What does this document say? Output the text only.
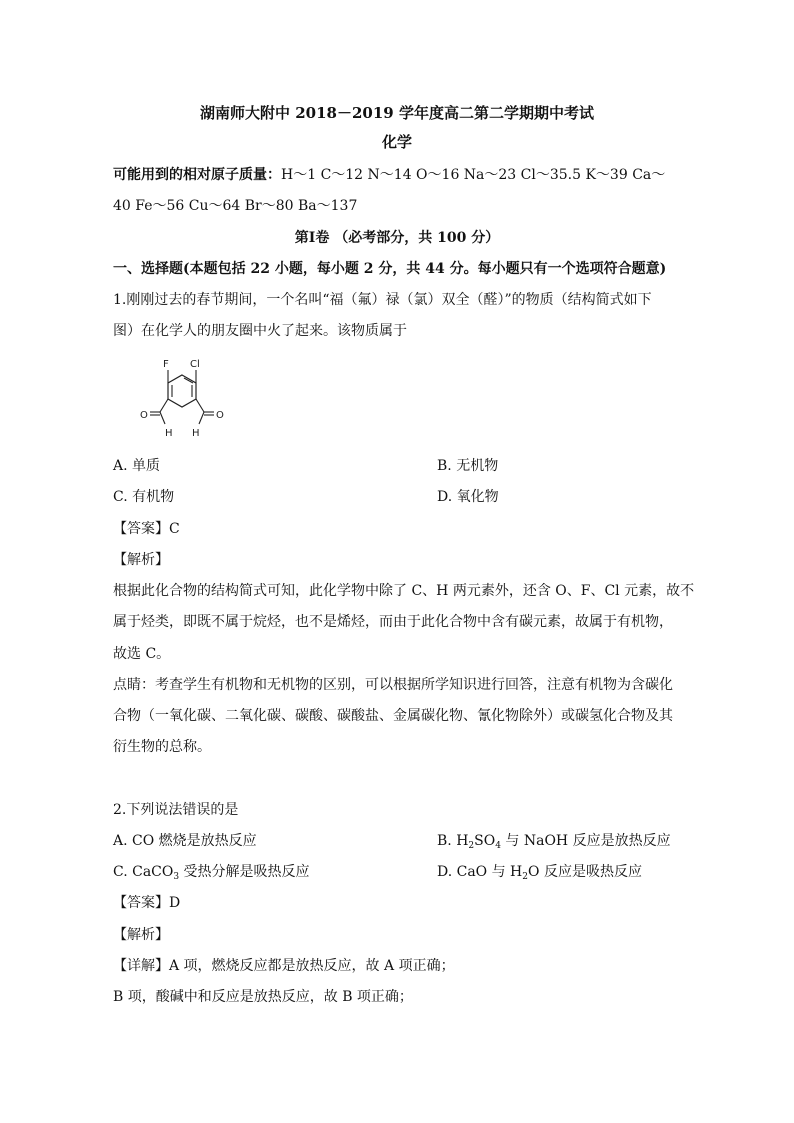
湖南师大附中 2018－2019 学年度高二第二学期期中考试
化学
可能用到的相对原子质量：H～1 C～12 N～14 O～16 Na～23 Cl～35.5 K～39 Ca～
40 Fe～56 Cu～64 Br～80 Ba～137
第Ⅰ卷 （必考部分，共 100 分）
一、选择题(本题包括 22 小题，每小题 2 分，共 44 分。每小题只有一个选项符合题意)
1.刚刚过去的春节期间，一个名叫“福（氟）禄（氯）双全（醛）”的物质（结构简式如下
图）在化学人的朋友圈中火了起来。该物质属于
F Cl
O
H H
O
A. 单质	B. 无机物
C. 有机物	D. 氧化物
【答案】C
【解析】
根据此化合物的结构简式可知，此化学物中除了 C、H 两元素外，还含 O、F、Cl 元素，故不
属于烃类，即既不属于烷烃，也不是烯烃，而由于此化合物中含有碳元素，故属于有机物，
故选 C。
点睛：考查学生有机物和无机物的区别，可以根据所学知识进行回答，注意有机物为含碳化
合物（一氧化碳、二氧化碳、碳酸、碳酸盐、金属碳化物、氰化物除外）或碳氢化合物及其
衍生物的总称。
2.下列说法错误的是
A. CO 燃烧是放热反应	B. $H_2SO_4$ 与 NaOH 反应是放热反应
C. CaCO$_3$ 受热分解是吸热反应	D. CaO 与 $H_2O$ 反应是吸热反应
【答案】D
【解析】
【详解】A 项，燃烧反应都是放热反应，故 A 项正确；
B 项，酸碱中和反应是放热反应，故 B 项正确；
